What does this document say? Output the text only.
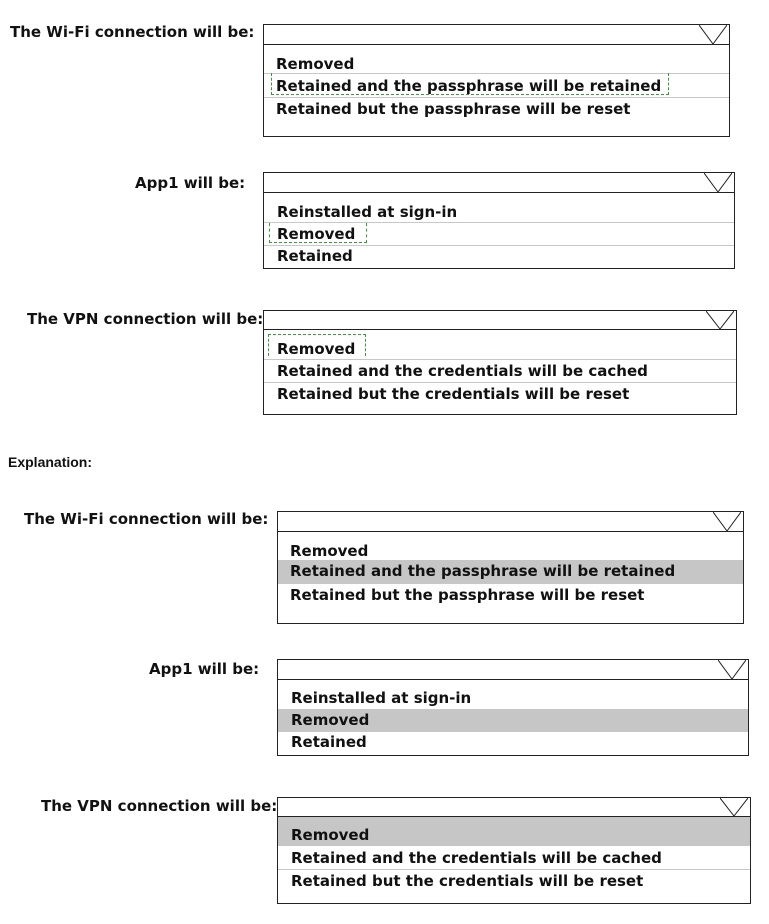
The Wi-Fi connection will be:
Removed
Retained and the passphrase will be retained
Retained but the passphrase will be reset
App1 will be:
Reinstalled at sign-in
Removed
Retained
The VPN connection will be:
Removed
Retained and the credentials will be cached
Retained but the credentials will be reset
Explanation:
The Wi-Fi connection will be:
Removed
Retained and the passphrase will be retained
Retained but the passphrase will be reset
App1 will be:
Reinstalled at sign-in
Removed
Retained
The VPN connection will be:
Removed
Retained and the credentials will be cached
Retained but the credentials will be reset
